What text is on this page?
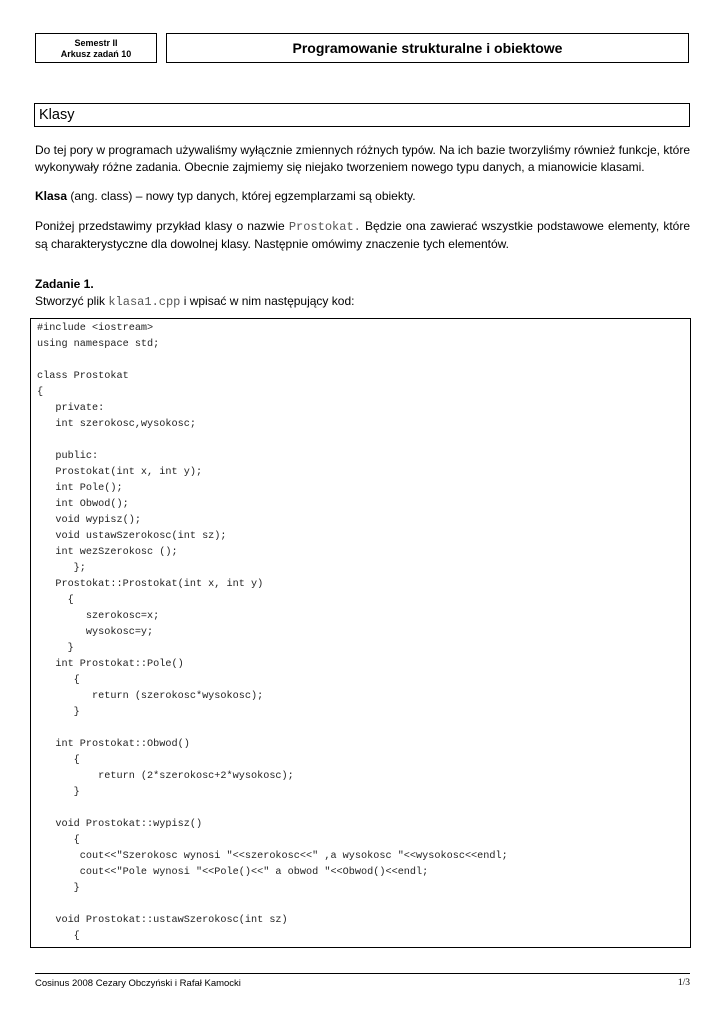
Semestr II
Arkusz zadań 10	Programowanie strukturalne i obiektowe
Klasy
Do tej pory w programach używaliśmy wyłącznie zmiennych różnych typów. Na ich bazie tworzyliśmy również funkcje, które wykonywały różne zadania. Obecnie zajmiemy się niejako tworzeniem nowego typu danych, a mianowicie klasami.
Klasa (ang. class) – nowy typ danych, której egzemplarzami są obiekty.
Poniżej przedstawimy przykład klasy o nazwie Prostokat. Będzie ona zawierać wszystkie podstawowe elementy, które są charakterystyczne dla dowolnej klasy. Następnie omówimy znaczenie tych elementów.
Zadanie 1.
Stworzyć plik klasa1.cpp i wpisać w nim następujący kod:
#include <iostream>
using namespace std;
class Prostokat
{
private:
int szerokosc,wysokosc;
public:
Prostokat(int x, int y);
int Pole();
int Obwod();
void wypisz();
void ustawSzerokosc(int sz);
int wezSzerokosc ();
};
Prostokat::Prostokat(int x, int y)
{
szerokosc=x;
wysokosc=y;
}
int Prostokat::Pole()
{
return (szerokosc*wysokosc);
}
int Prostokat::Obwod()
{
return (2*szerokosc+2*wysokosc);
}
void Prostokat::wypisz()
{
cout<<"Szerokosc wynosi "<<szerokosc<<" ,a wysokosc "<<wysokosc<<endl;
cout<<"Pole wynosi "<<Pole()<<" a obwod "<<Obwod()<<endl;
}
void Prostokat::ustawSzerokosc(int sz)
{
Cosinus 2008 Cezary Obczyński i Rafał Kamocki	1/3
